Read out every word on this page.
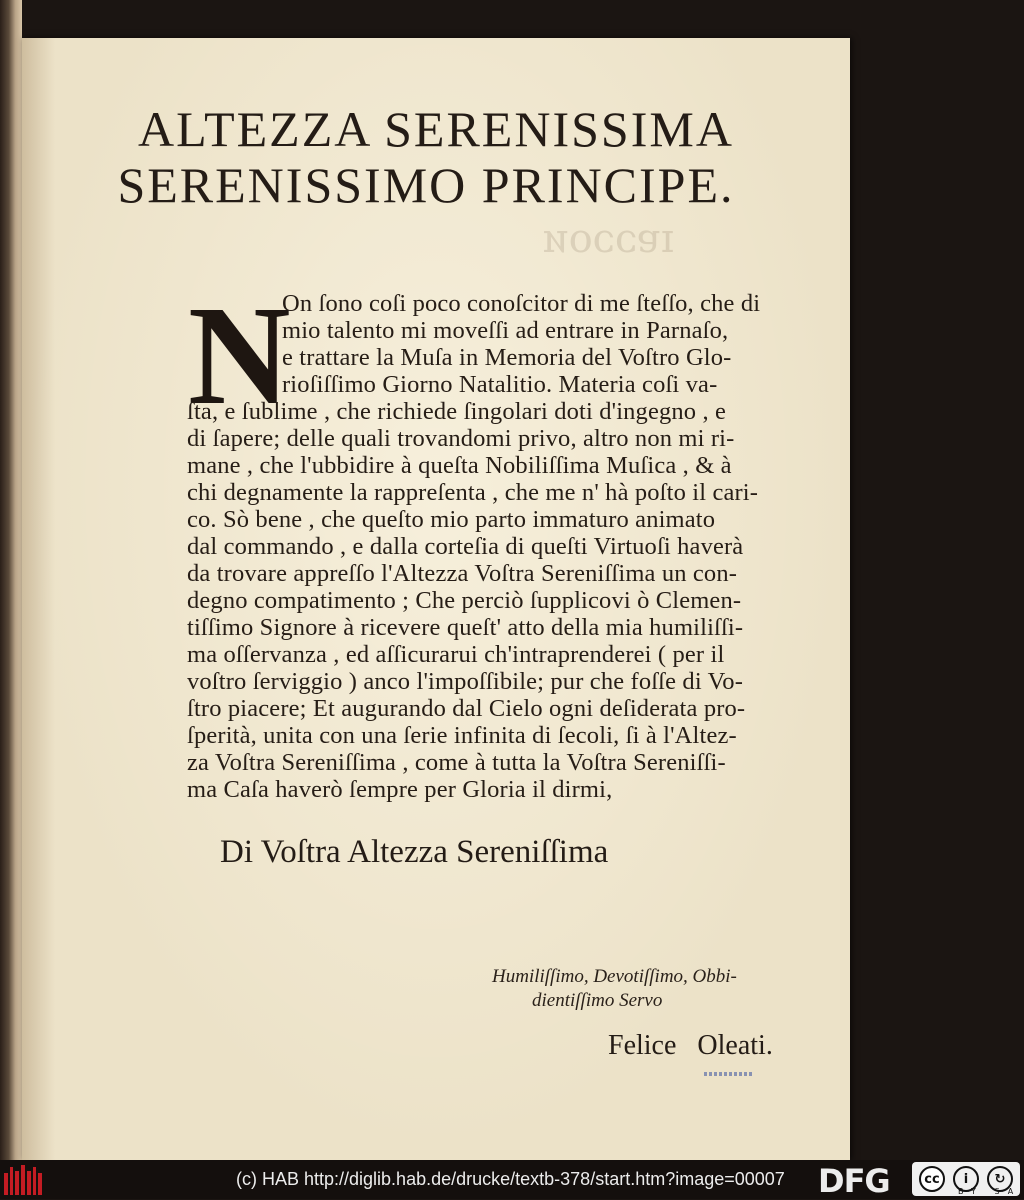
ɪɐɔɔoᴎ
ALTEZZA SERENISSIMA
SERENISSIMO PRINCIPE.
N
On ſono coſi poco conoſcitor di me ſteſſo, che di
mio talento mi moveſſi ad entrare in Parnaſo,
e trattare la Muſa in Memoria del Voſtro Glo-
rioſiſſimo Giorno Natalitio. Materia coſi va-
ſta, e ſublime , che richiede ſingolari doti d'ingegno , e
di ſapere; delle quali trovandomi privo, altro non mi ri-
mane , che l'ubbidire à queſta Nobiliſſima Muſica , & à
chi degnamente la rappreſenta , che me n' hà poſto il cari-
co. Sò bene , che queſto mio parto immaturo animato
dal commando , e dalla corteſia di queſti Virtuoſi haverà
da trovare appreſſo l'Altezza Voſtra Sereniſſima un con-
degno compatimento ; Che perciò ſupplicovi ò Clemen-
tiſſimo Signore à ricevere queſt' atto della mia humiliſſi-
ma oſſervanza , ed aſſicurarui ch'intraprenderei ( per il
voſtro ſerviggio ) anco l'impoſſibile; pur che foſſe di Vo-
ſtro piacere; Et augurando dal Cielo ogni deſiderata pro-
ſperità, unita con una ſerie infinita di ſecoli, ſi à l'Altez-
za Voſtra Sereniſſima , come à tutta la Voſtra Sereniſſi-
ma Caſa haverò ſempre per Gloria il dirmi,
Di Voſtra Altezza Sereniſſima
Humiliſſimo, Devotiſſimo, Obbi-
dientiſſimo Servo
Felice Oleati.
(c) HAB http://diglib.hab.de/drucke/textb-378/start.htm?image=00007 DFG	cc	i	↻
BY SA
